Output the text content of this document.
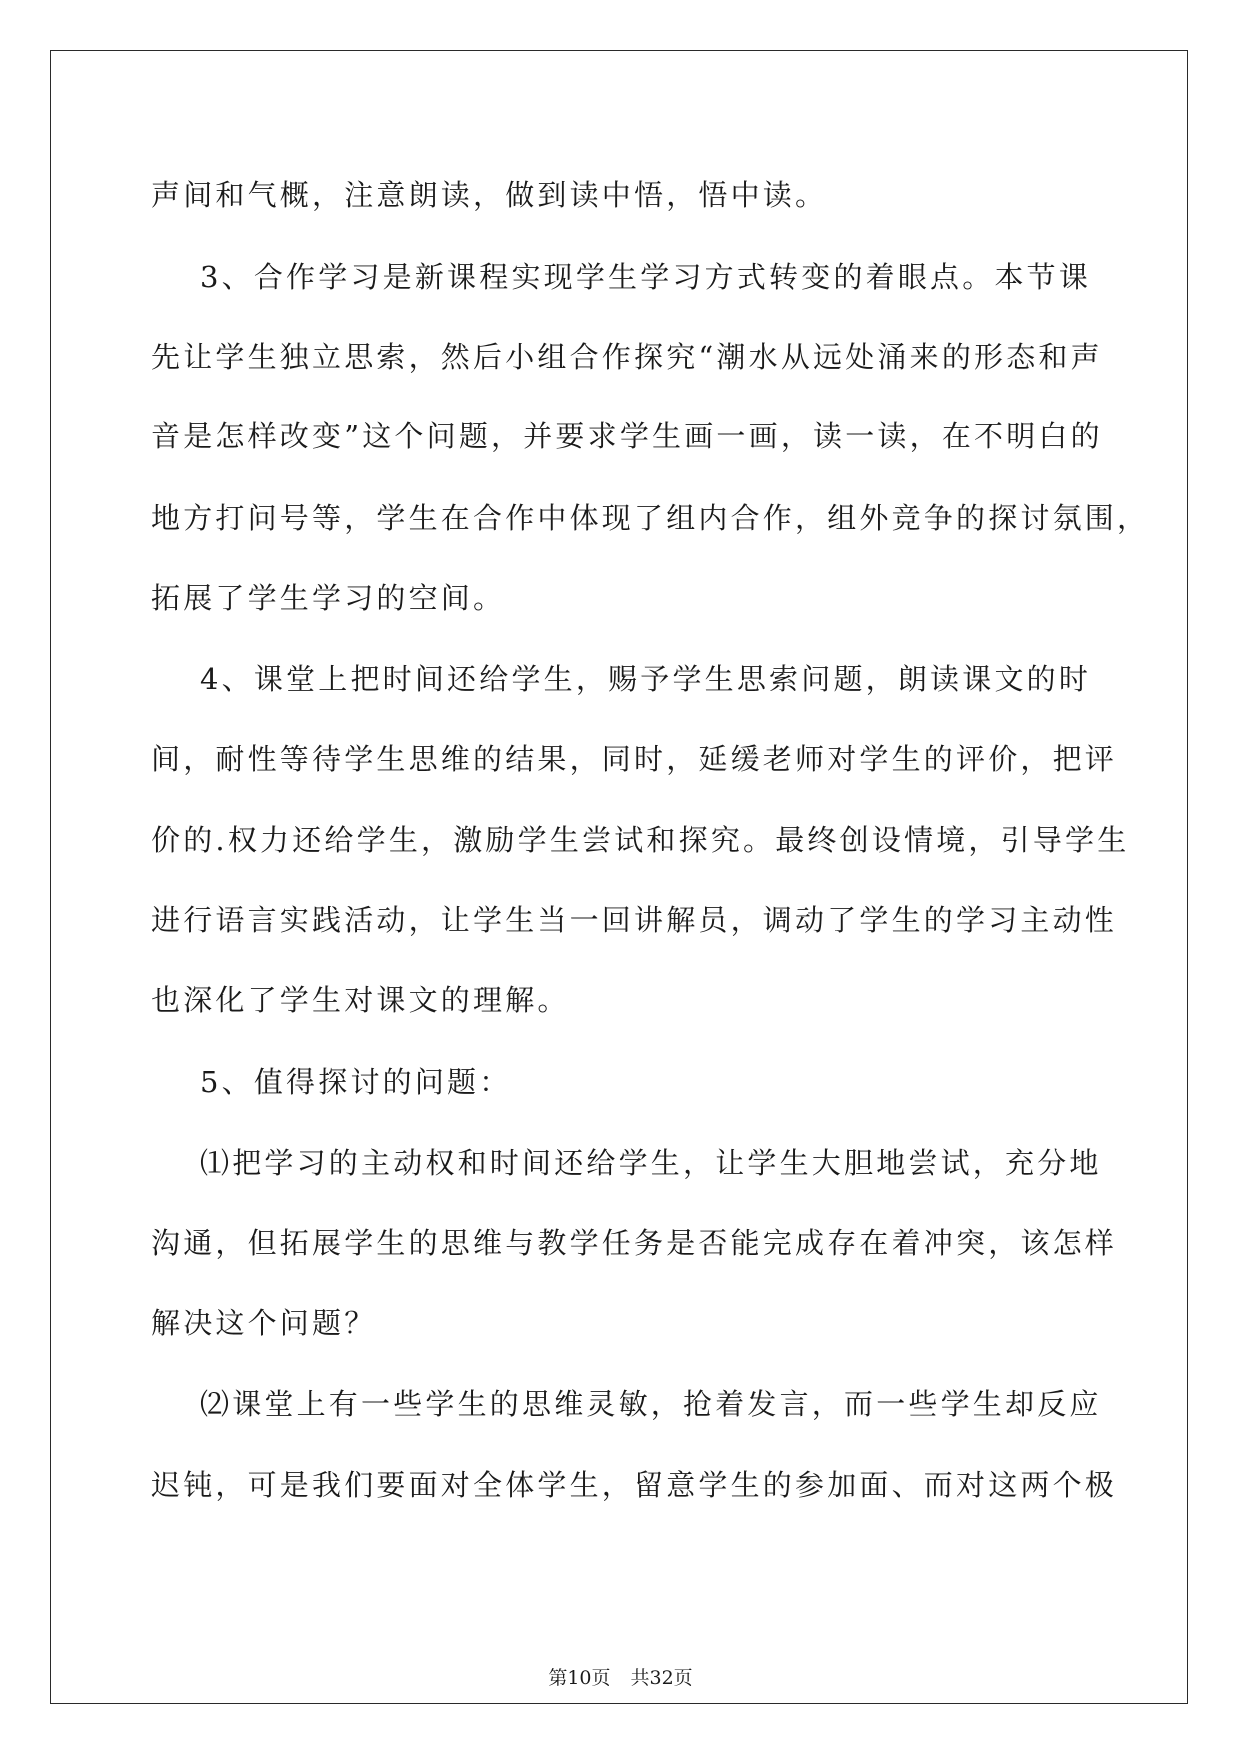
声间和气概，注意朗读，做到读中悟，悟中读。

3、合作学习是新课程实现学生学习方式转变的着眼点。本节课

先让学生独立思索，然后小组合作探究“潮水从远处涌来的形态和声

音是怎样改变”这个问题，并要求学生画一画，读一读，在不明白的

地方打问号等，学生在合作中体现了组内合作，组外竞争的探讨氛围，

拓展了学生学习的空间。

4、课堂上把时间还给学生，赐予学生思索问题，朗读课文的时

间，耐性等待学生思维的结果，同时，延缓老师对学生的评价，把评

价的.权力还给学生，激励学生尝试和探究。最终创设情境，引导学生

进行语言实践活动，让学生当一回讲解员，调动了学生的学习主动性

也深化了学生对课文的理解。

5、值得探讨的问题：

⑴把学习的主动权和时间还给学生，让学生大胆地尝试，充分地

沟通，但拓展学生的思维与教学任务是否能完成存在着冲突，该怎样

解决这个问题？

⑵课堂上有一些学生的思维灵敏，抢着发言，而一些学生却反应

迟钝，可是我们要面对全体学生，留意学生的参加面、而对这两个极

第10页 共32页
